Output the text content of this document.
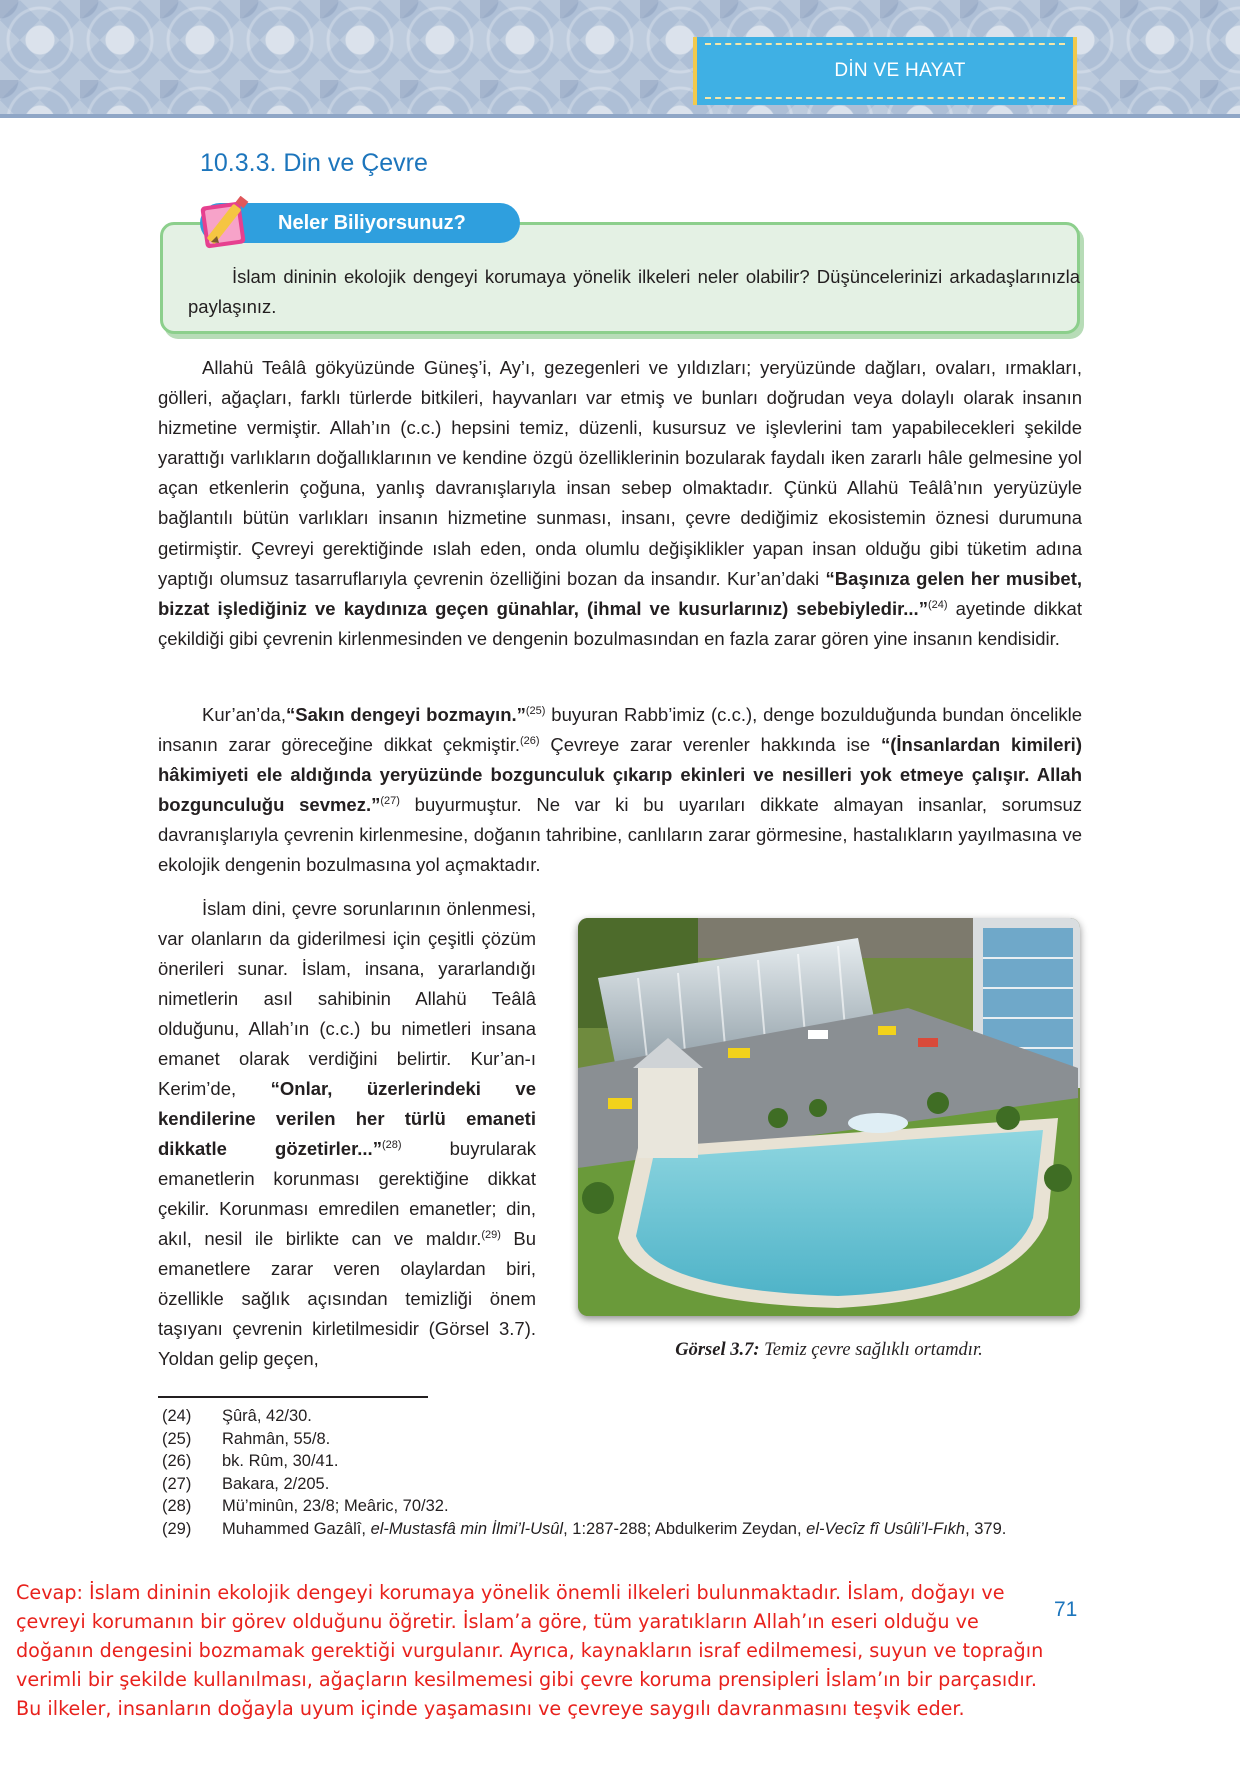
DİN VE HAYAT
10.3.3. Din ve Çevre
Neler Biliyorsunuz?

İslam dininin ekolojik dengeyi korumaya yönelik ilkeleri neler olabilir? Düşüncelerinizi arkadaşlarınızla paylaşınız.

Allahü Teâlâ gökyüzünde Güneş’i, Ay’ı, gezegenleri ve yıldızları; yeryüzünde dağları, ovaları, ırmakları, gölleri, ağaçları, farklı türlerde bitkileri, hayvanları var etmiş ve bunları doğrudan veya dolaylı olarak insanın hizmetine vermiştir. Allah’ın (c.c.) hepsini temiz, düzenli, kusursuz ve işlevlerini tam yapabilecekleri şekilde yarattığı varlıkların doğallıklarının ve kendine özgü özelliklerinin bozularak faydalı iken zararlı hâle gelmesine yol açan etkenlerin çoğuna, yanlış davranışlarıyla insan sebep olmaktadır. Çünkü Allahü Teâlâ’nın yeryüzüyle bağlantılı bütün varlıkları insanın hizmetine sunması, insanı, çevre dediğimiz ekosistemin öznesi durumuna getirmiştir. Çevreyi gerektiğinde ıslah eden, onda olumlu değişiklikler yapan insan olduğu gibi tüketim adına yaptığı olumsuz tasarruflarıyla çevrenin özelliğini bozan da insandır. Kur’an’daki “Başınıza gelen her musibet, bizzat işlediğiniz ve kaydınıza geçen günahlar, (ihmal ve kusurlarınız) sebebiyledir...”$^{(24)}$ ayetinde dikkat çekildiği gibi çevrenin kirlenmesinden ve dengenin bozulmasından en fazla zarar gören yine insanın kendisidir.

Kur’an’da,“Sakın dengeyi bozmayın.”$^{(25)}$ buyuran Rabb’imiz (c.c.), denge bozulduğunda bundan öncelikle insanın zarar göreceğine dikkat çekmiştir.$^{(26)}$ Çevreye zarar verenler hakkında ise “(İnsanlardan kimileri) hâkimiyeti ele aldığında yeryüzünde bozgunculuk çıkarıp ekinleri ve nesilleri yok etmeye çalışır. Allah bozgunculuğu sevmez.”$^{(27)}$ buyurmuştur. Ne var ki bu uyarıları dikkate almayan insanlar, sorumsuz davranışlarıyla çevrenin kirlenmesine, doğanın tahribine, canlıların zarar görmesine, hastalıkların yayılmasına ve ekolojik dengenin bozulmasına yol açmaktadır.

İslam dini, çevre sorunlarının önlenmesi, var olanların da giderilmesi için çeşitli çözüm önerileri sunar. İslam, insana, yararlandığı nimetlerin asıl sahibinin Allahü Teâlâ olduğunu, Allah’ın (c.c.) bu nimetleri insana emanet olarak verdiğini belirtir. Kur’an-ı Kerim’de, “Onlar, üzerlerindeki ve kendilerine verilen her türlü emaneti dikkatle gözetirler...”$^{(28)}$ buyrularak emanetlerin korunması gerektiğine dikkat çekilir. Korunması emredilen emanetler; din, akıl, nesil ile birlikte can ve maldır.$^{(29)}$ Bu emanetlere zarar veren olaylardan biri, özellikle sağlık açısından temizliği önem taşıyanı çevrenin kirletilmesidir (Görsel 3.7). Yoldan gelip geçen,	Görsel 3.7: Temiz çevre sağlıklı ortamdır.
(24)	Şûrâ, 42/30.
(25)	Rahmân, 55/8.
(26)	bk. Rûm, 30/41.
(27)	Bakara, 2/205.
(28)	Mü’minûn, 23/8; Meâric, 70/32.
(29)	Muhammed Gazâlî, el-Mustasfâ min İlmi’l-Usûl, 1:287-288; Abdulkerim Zeydan, el-Vecîz fî Usûli’l-Fıkh, 379.
71

Cevap: İslam dininin ekolojik dengeyi korumaya yönelik önemli ilkeleri bulunmaktadır. İslam, doğayı ve çevreyi korumanın bir görev olduğunu öğretir. İslam’a göre, tüm yaratıkların Allah’ın eseri olduğu ve doğanın dengesini bozmamak gerektiği vurgulanır. Ayrıca, kaynakların israf edilmemesi, suyun ve toprağın verimli bir şekilde kullanılması, ağaçların kesilmemesi gibi çevre koruma prensipleri İslam’ın bir parçasıdır. Bu ilkeler, insanların doğayla uyum içinde yaşamasını ve çevreye saygılı davranmasını teşvik eder.
